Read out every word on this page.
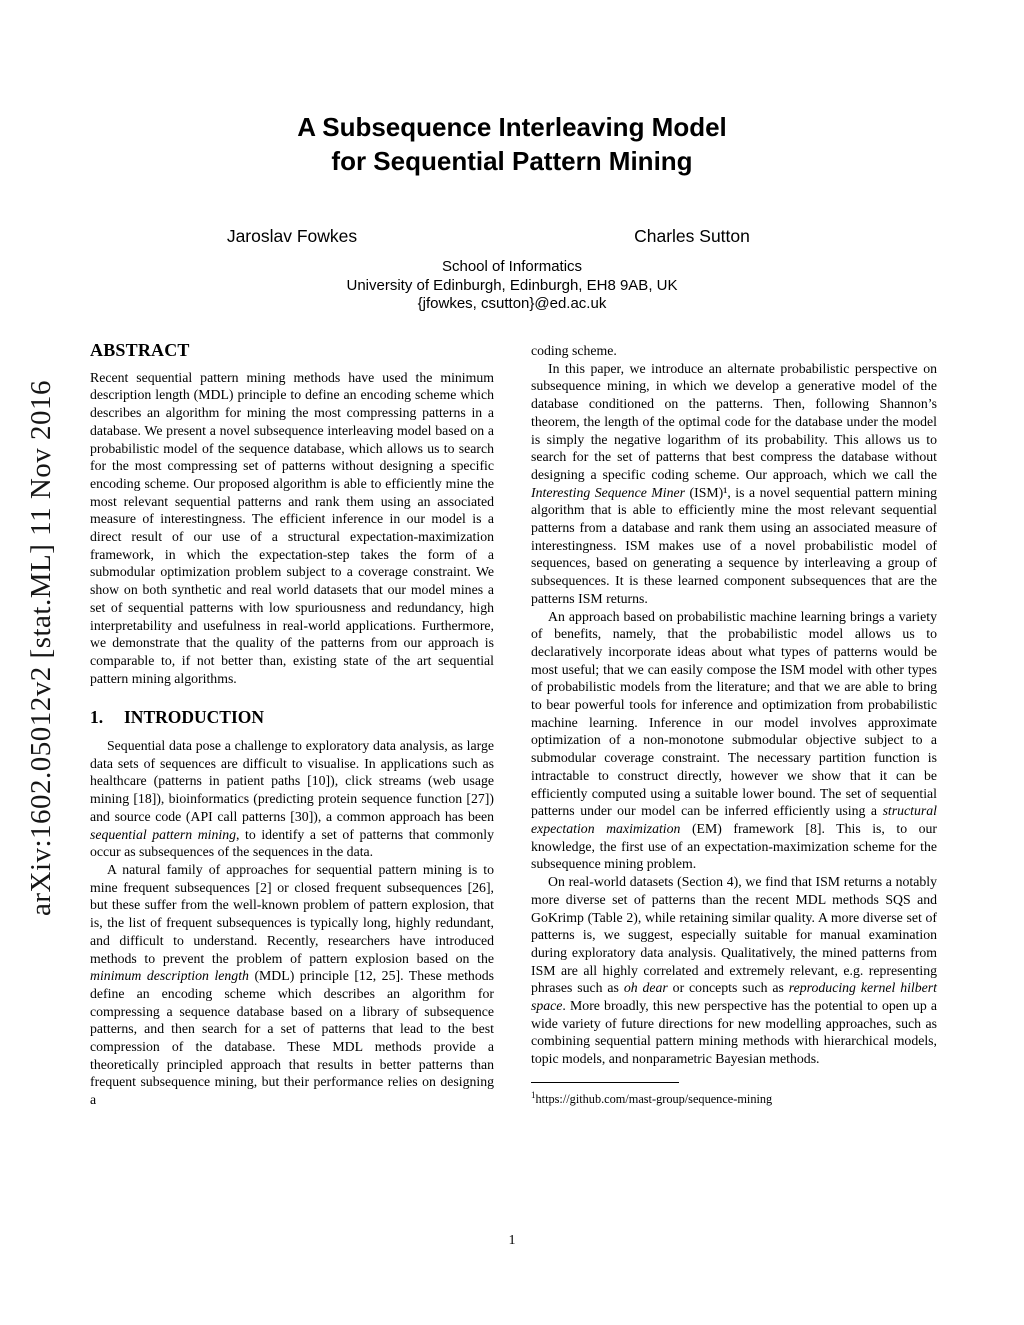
arXiv:1602.05012v2 [stat.ML] 11 Nov 2016
A Subsequence Interleaving Model
for Sequential Pattern Mining
Jaroslav Fowkes	Charles Sutton
School of Informatics
University of Edinburgh, Edinburgh, EH8 9AB, UK
{jfowkes, csutton}@ed.ac.uk
ABSTRACT

Recent sequential pattern mining methods have used the minimum description length (MDL) principle to define an encoding scheme which describes an algorithm for mining the most compressing patterns in a database. We present a novel subsequence interleaving model based on a probabilistic model of the sequence database, which allows us to search for the most compressing set of patterns without designing a specific encoding scheme. Our proposed algorithm is able to efficiently mine the most relevant sequential patterns and rank them using an associated measure of interestingness. The efficient inference in our model is a direct result of our use of a structural expectation-maximization framework, in which the expectation-step takes the form of a submodular optimization problem subject to a coverage constraint. We show on both synthetic and real world datasets that our model mines a set of sequential patterns with low spuriousness and redundancy, high interpretability and usefulness in real-world applications. Furthermore, we demonstrate that the quality of the patterns from our approach is comparable to, if not better than, existing state of the art sequential pattern mining algorithms.

1. INTRODUCTION

Sequential data pose a challenge to exploratory data analysis, as large data sets of sequences are difficult to visualise. In applications such as healthcare (patterns in patient paths [10]), click streams (web usage mining [18]), bioinformatics (predicting protein sequence function [27]) and source code (API call patterns [30]), a common approach has been sequential pattern mining, to identify a set of patterns that commonly occur as subsequences of the sequences in the data.

A natural family of approaches for sequential pattern mining is to mine frequent subsequences [2] or closed frequent subsequences [26], but these suffer from the well-known problem of pattern explosion, that is, the list of frequent subsequences is typically long, highly redundant, and difficult to understand. Recently, researchers have introduced methods to prevent the problem of pattern explosion based on the minimum description length (MDL) principle [12, 25]. These methods define an encoding scheme which describes an algorithm for compressing a sequence database based on a library of subsequence patterns, and then search for a set of patterns that lead to the best compression of the database. These MDL methods provide a theoretically principled approach that results in better patterns than frequent subsequence mining, but their performance relies on designing a

coding scheme.

In this paper, we introduce an alternate probabilistic perspective on subsequence mining, in which we develop a generative model of the database conditioned on the patterns. Then, following Shannon’s theorem, the length of the optimal code for the database under the model is simply the negative logarithm of its probability. This allows us to search for the set of patterns that best compress the database without designing a specific coding scheme. Our approach, which we call the Interesting Sequence Miner (ISM)¹, is a novel sequential pattern mining algorithm that is able to efficiently mine the most relevant sequential patterns from a database and rank them using an associated measure of interestingness. ISM makes use of a novel probabilistic model of sequences, based on generating a sequence by interleaving a group of subsequences. It is these learned component subsequences that are the patterns ISM returns.

An approach based on probabilistic machine learning brings a variety of benefits, namely, that the probabilistic model allows us to declaratively incorporate ideas about what types of patterns would be most useful; that we can easily compose the ISM model with other types of probabilistic models from the literature; and that we are able to bring to bear powerful tools for inference and optimization from probabilistic machine learning. Inference in our model involves approximate optimization of a non-monotone submodular objective subject to a submodular coverage constraint. The necessary partition function is intractable to construct directly, however we show that it can be efficiently computed using a suitable lower bound. The set of sequential patterns under our model can be inferred efficiently using a structural expectation maximization (EM) framework [8]. This is, to our knowledge, the first use of an expectation-maximization scheme for the subsequence mining problem.

On real-world datasets (Section 4), we find that ISM returns a notably more diverse set of patterns than the recent MDL methods SQS and GoKrimp (Table 2), while retaining similar quality. A more diverse set of patterns is, we suggest, especially suitable for manual examination during exploratory data analysis. Qualitatively, the mined patterns from ISM are all highly correlated and extremely relevant, e.g. representing phrases such as oh dear or concepts such as reproducing kernel hilbert space. More broadly, this new perspective has the potential to open up a wide variety of future directions for new modelling approaches, such as combining sequential pattern mining methods with hierarchical models, topic models, and nonparametric Bayesian methods.

$^1$https://github.com/mast-group/sequence-mining
1
